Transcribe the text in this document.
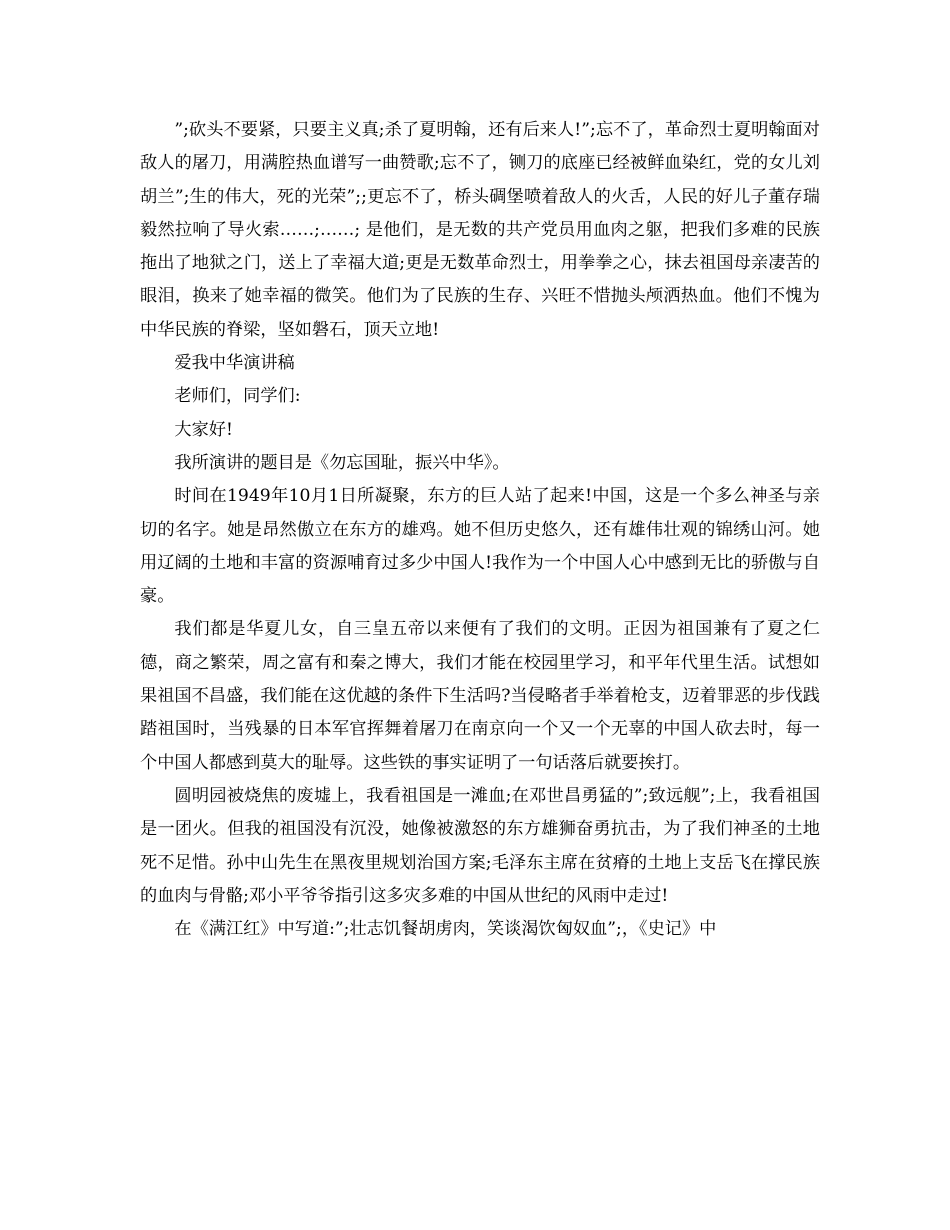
”;砍头不要紧，只要主义真;杀了夏明翰，还有后来人!”;忘不了，革命烈士夏明翰面对敌人的屠刀，用满腔热血谱写一曲赞歌;忘不了，铡刀的底座已经被鲜血染红，党的女儿刘胡兰”;生的伟大，死的光荣”;;更忘不了，桥头碉堡喷着敌人的火舌，人民的好儿子董存瑞毅然拉响了导火索……;……; 是他们，是无数的共产党员用血肉之躯，把我们多难的民族拖出了地狱之门，送上了幸福大道;更是无数革命烈士，用拳拳之心，抹去祖国母亲凄苦的眼泪，换来了她幸福的微笑。他们为了民族的生存、兴旺不惜抛头颅洒热血。他们不愧为中华民族的脊梁，坚如磐石，顶天立地!

爱我中华演讲稿

老师们，同学们:

大家好!

我所演讲的题目是《勿忘国耻，振兴中华》。

时间在1949年10月1日所凝聚，东方的巨人站了起来!中国，这是一个多么神圣与亲切的名字。她是昂然傲立在东方的雄鸡。她不但历史悠久，还有雄伟壮观的锦绣山河。她用辽阔的土地和丰富的资源哺育过多少中国人!我作为一个中国人心中感到无比的骄傲与自豪。

我们都是华夏儿女，自三皇五帝以来便有了我们的文明。正因为祖国兼有了夏之仁德，商之繁荣，周之富有和秦之博大，我们才能在校园里学习，和平年代里生活。试想如果祖国不昌盛，我们能在这优越的条件下生活吗?当侵略者手举着枪支，迈着罪恶的步伐践踏祖国时，当残暴的日本军官挥舞着屠刀在南京向一个又一个无辜的中国人砍去时，每一个中国人都感到莫大的耻辱。这些铁的事实证明了一句话落后就要挨打。

圆明园被烧焦的废墟上，我看祖国是一滩血;在邓世昌勇猛的”;致远舰”;上，我看祖国是一团火。但我的祖国没有沉没，她像被激怒的东方雄狮奋勇抗击，为了我们神圣的土地死不足惜。孙中山先生在黑夜里规划治国方案;毛泽东主席在贫瘠的土地上支岳飞在撑民族的血肉与骨骼;邓小平爷爷指引这多灾多难的中国从世纪的风雨中走过!

在《满江红》中写道:”;壮志饥餐胡虏肉，笑谈渴饮匈奴血”;，《史记》中
